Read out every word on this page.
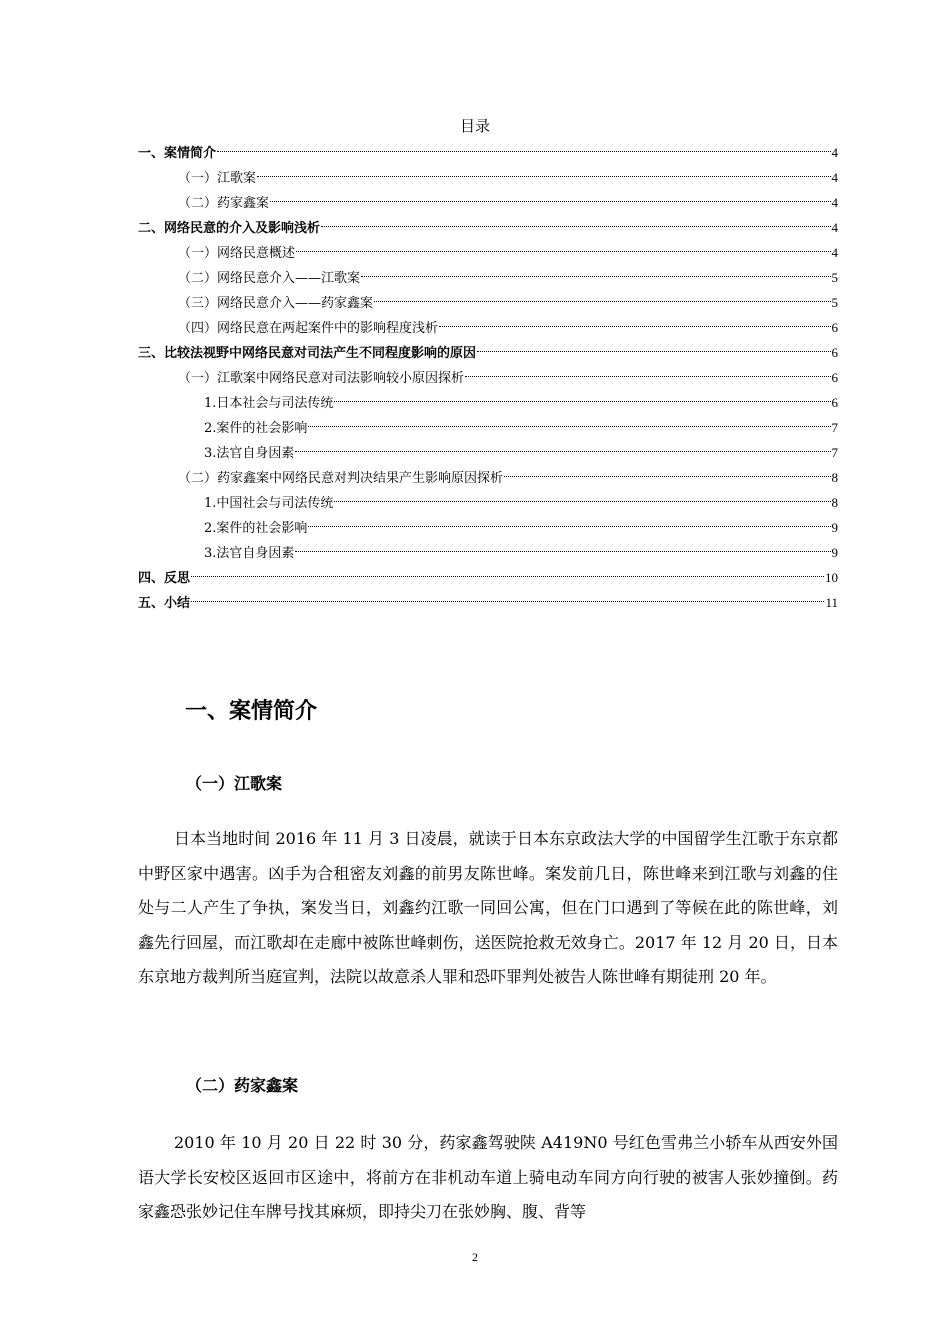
目录
一、案情简介	4
（一）江歌案	4
（二）药家鑫案	4
二、网络民意的介入及影响浅析	4
（一）网络民意概述	4
（二）网络民意介入——江歌案	5
（三）网络民意介入——药家鑫案	5
（四）网络民意在两起案件中的影响程度浅析	6
三、比较法视野中网络民意对司法产生不同程度影响的原因	6
（一）江歌案中网络民意对司法影响较小原因探析	6
1.日本社会与司法传统	6
2.案件的社会影响	7
3.法官自身因素	7
（二）药家鑫案中网络民意对判决结果产生影响原因探析	8
1.中国社会与司法传统	8
2.案件的社会影响	9
3.法官自身因素	9
四、反思	10
五、小结	11
一、案情简介
（一）江歌案
日本当地时间 2016 年 11 月 3 日凌晨，就读于日本东京政法大学的中国留学生江歌于东京都中野区家中遇害。凶手为合租密友刘鑫的前男友陈世峰。案发前几日，陈世峰来到江歌与刘鑫的住处与二人产生了争执，案发当日，刘鑫约江歌一同回公寓，但在门口遇到了等候在此的陈世峰，刘鑫先行回屋，而江歌却在走廊中被陈世峰刺伤，送医院抢救无效身亡。2017 年 12 月 20 日，日本东京地方裁判所当庭宣判，法院以故意杀人罪和恐吓罪判处被告人陈世峰有期徒刑 20 年。
（二）药家鑫案
2010 年 10 月 20 日 22 时 30 分，药家鑫驾驶陕 A419N0 号红色雪弗兰小轿车从西安外国语大学长安校区返回市区途中，将前方在非机动车道上骑电动车同方向行驶的被害人张妙撞倒。药家鑫恐张妙记住车牌号找其麻烦，即持尖刀在张妙胸、腹、背等
2
